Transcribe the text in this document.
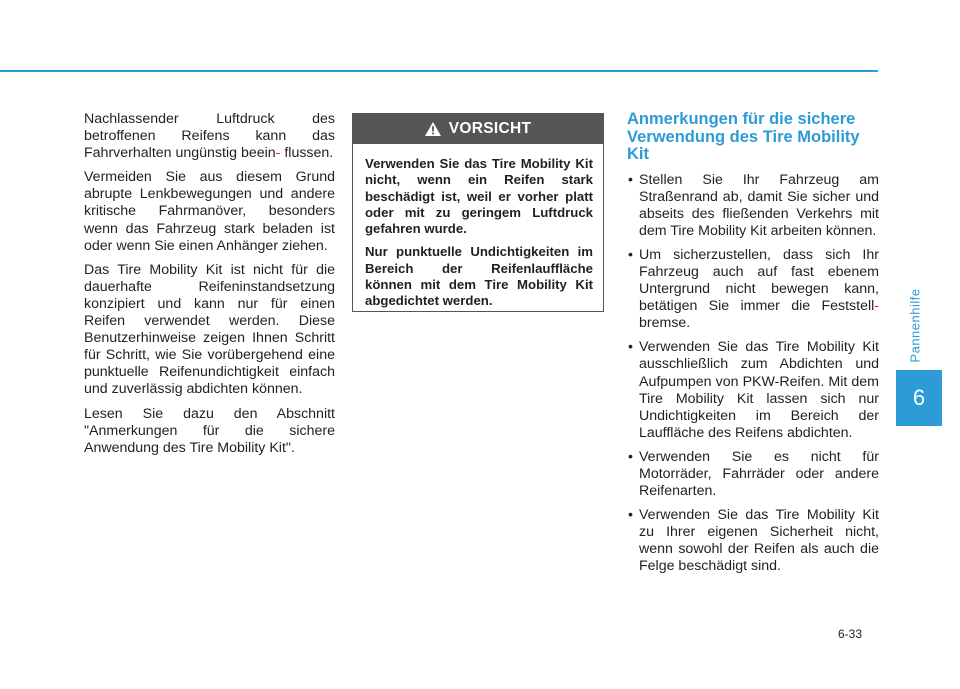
Pannenhilfe
6

Nachlassender Luftdruck des betroffenen Reifens kann das Fahrverhalten ungünstig beein- flussen.

Vermeiden Sie aus diesem Grund abrupte Lenkbewegungen und andere kritische Fahrmanöver, besonders wenn das Fahrzeug stark beladen ist oder wenn Sie einen Anhänger ziehen.

Das Tire Mobility Kit ist nicht für die dauerhafte Reifeninstandsetzung konzipiert und kann nur für einen Reifen verwendet werden. Diese Benutzerhinweise zeigen Ihnen Schritt für Schritt, wie Sie vorübergehend eine punktuelle Reifenundichtigkeit einfach und zuverlässig abdichten können.

Lesen Sie dazu den Abschnitt "Anmerkungen für die sichere Anwendung des Tire Mobility Kit".

VORSICHT

Verwenden Sie das Tire Mobility Kit nicht, wenn ein Reifen stark beschädigt ist, weil er vorher platt oder mit zu geringem Luftdruck gefahren wurde.

Nur punktuelle Undichtigkeiten im Bereich der Reifenlauffläche können mit dem Tire Mobility Kit abgedichtet werden.

Anmerkungen für die sichere Verwendung des Tire Mobility Kit
• Stellen Sie Ihr Fahrzeug am Straßenrand ab, damit Sie sicher und abseits des fließenden Verkehrs mit dem Tire Mobility Kit arbeiten können.
• Um sicherzustellen, dass sich Ihr Fahrzeug auch auf fast ebenem Untergrund nicht bewegen kann, betätigen Sie immer die Feststell- bremse.
• Verwenden Sie das Tire Mobility Kit ausschließlich zum Abdichten und Aufpumpen von PKW-Reifen. Mit dem Tire Mobility Kit lassen sich nur Undichtigkeiten im Bereich der Lauffläche des Reifens abdichten.
• Verwenden Sie es nicht für Motorräder, Fahrräder oder andere Reifenarten.
• Verwenden Sie das Tire Mobility Kit zu Ihrer eigenen Sicherheit nicht, wenn sowohl der Reifen als auch die Felge beschädigt sind.
6-33
